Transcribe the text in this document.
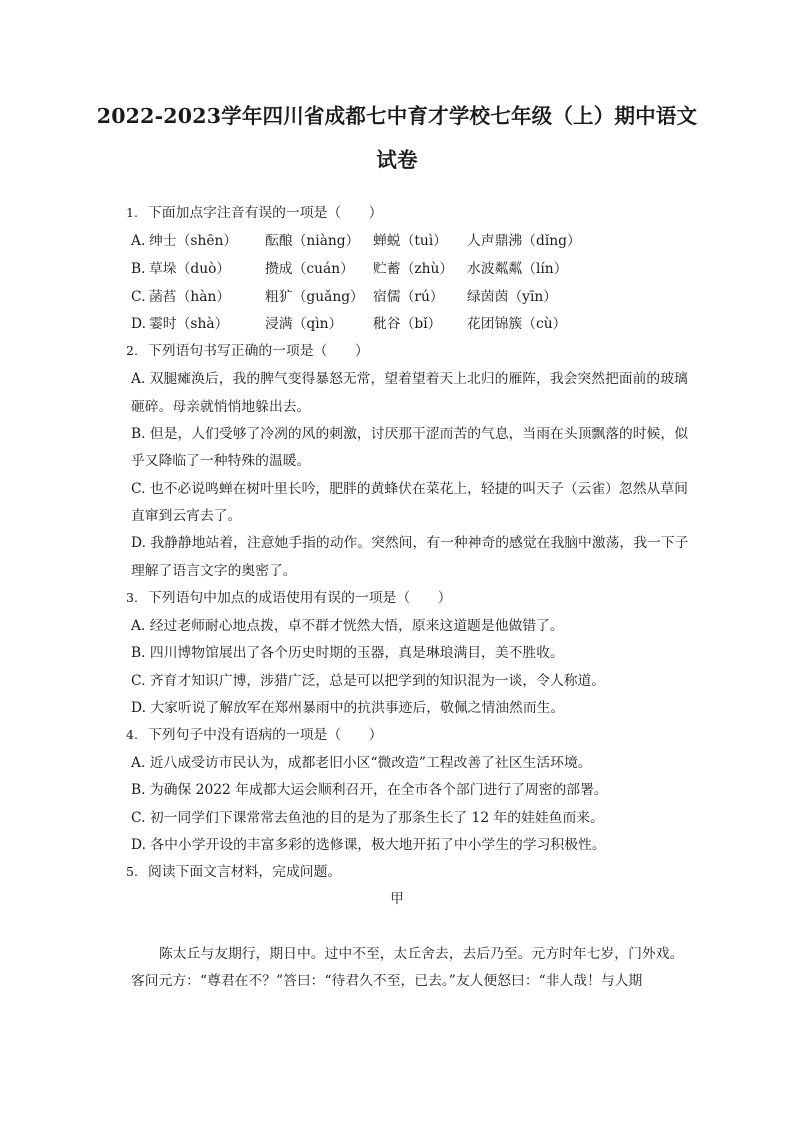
2022-2023学年四川省成都七中育才学校七年级（上）期中语文
试卷
1. 下面加点字注音有误的一项是（　　）
A. 绅士（shēn） 酝酿（niàng） 蝉蜕（tuì） 人声鼎沸（dǐng）
B. 草垛（duò）	攒成（cuán） 贮蓄（zhù） 水波粼粼（lín）
C. 菡萏（hàn）	粗犷（guǎng） 宿儒（rú） 绿茵茵（yīn）
D. 霎时（shà）	浸满（qìn） 秕谷（bǐ） 花团锦簇（cù）
2. 下列语句书写正确的一项是（　　）
A. 双腿瘫涣后，我的脾气变得暴怒无常，望着望着天上北归的雁阵，我会突然把面前的玻璃
砸碎。母亲就悄悄地躲出去。
B. 但是，人们受够了冷冽的风的刺激，讨厌那干涩而苦的气息，当雨在头顶飘落的时候，似
乎又降临了一种特殊的温暖。
C. 也不必说鸣蝉在树叶里长吟，肥胖的黄蜂伏在菜花上，轻捷的叫天子（云雀）忽然从草间
直窜到云宵去了。
D. 我静静地站着，注意她手指的动作。突然间，有一种神奇的感觉在我脑中激荡，我一下子
理解了语言文字的奥密了。
3. 下列语句中加点的成语使用有误的一项是（　　）
A. 经过老师耐心地点拨，卓不群才恍然大悟，原来这道题是他做错了。
B. 四川博物馆展出了各个历史时期的玉器，真是琳琅满目，美不胜收。
C. 齐育才知识广博，涉猎广泛，总是可以把学到的知识混为一谈，令人称道。
D. 大家听说了解放军在郑州暴雨中的抗洪事迹后，敬佩之情油然而生。
4. 下列句子中没有语病的一项是（　　）
A. 近八成受访市民认为，成都老旧小区“微改造”工程改善了社区生活环境。
B. 为确保 2022 年成都大运会顺利召开，在全市各个部门进行了周密的部署。
C. 初一同学们下课常常去鱼池的目的是为了那条生长了 12 年的娃娃鱼而来。
D. 各中小学开设的丰富多彩的选修课，极大地开拓了中小学生的学习积极性。
5. 阅读下面文言材料，完成问题。
甲
陈太丘与友期行，期日中。过中不至，太丘舍去，去后乃至。元方时年七岁，门外戏。
客问元方：“尊君在不？”答曰：“待君久不至，已去。”友人便怒曰：“非人哉！与人期
